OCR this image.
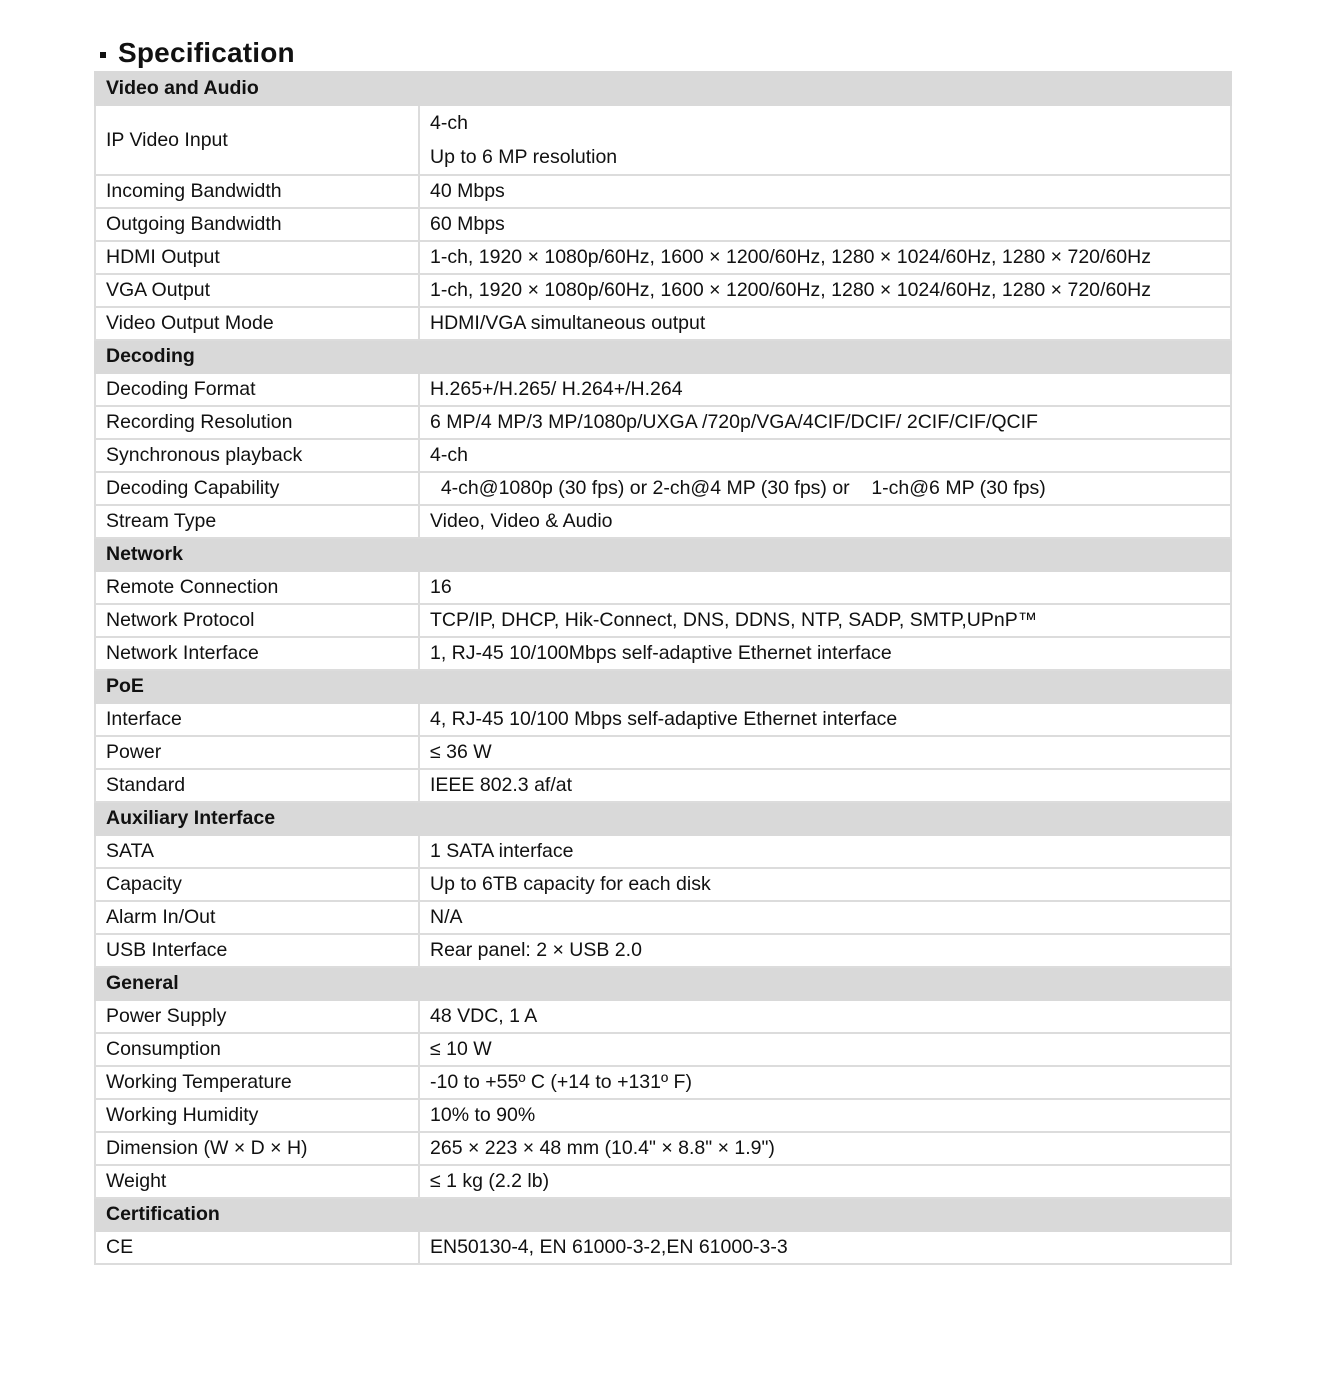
Specification
Video and Audio	
IP Video Input	4-ch
Up to 6 MP resolution

Incoming Bandwidth	40 Mbps

Outgoing Bandwidth	60 Mbps

HDMI Output	1-ch, 1920 × 1080p/60Hz, 1600 × 1200/60Hz, 1280 × 1024/60Hz, 1280 × 720/60Hz

VGA Output	1-ch, 1920 × 1080p/60Hz, 1600 × 1200/60Hz, 1280 × 1024/60Hz, 1280 × 720/60Hz

Video Output Mode	HDMI/VGA simultaneous output

Decoding	
Decoding Format	H.265+/H.265/ H.264+/H.264

Recording Resolution	6 MP/4 MP/3 MP/1080p/UXGA /720p/VGA/4CIF/DCIF/ 2CIF/CIF/QCIF

Synchronous playback	4-ch

Decoding Capability	4-ch@1080p (30 fps) or 2-ch@4 MP (30 fps) or    1-ch@6 MP (30 fps)

Stream Type	Video, Video & Audio

Network	
Remote Connection	16

Network Protocol	TCP/IP, DHCP, Hik-Connect, DNS, DDNS, NTP, SADP, SMTP,UPnP™

Network Interface	1, RJ-45 10/100Mbps self-adaptive Ethernet interface

PoE	
Interface	4, RJ-45 10/100 Mbps self-adaptive Ethernet interface

Power	≤ 36 W

Standard	IEEE 802.3 af/at

Auxiliary Interface	
SATA	1 SATA interface

Capacity	Up to 6TB capacity for each disk

Alarm In/Out	N/A

USB Interface	Rear panel: 2 × USB 2.0

General	
Power Supply	48 VDC, 1 A

Consumption	≤ 10 W

Working Temperature	-10 to +55º C (+14 to +131º F)

Working Humidity	10% to 90%

Dimension (W × D × H)	265 × 223 × 48 mm (10.4" × 8.8" × 1.9")

Weight	≤ 1 kg (2.2 lb)

Certification	
CE	EN50130-4, EN 61000-3-2,EN 61000-3-3
